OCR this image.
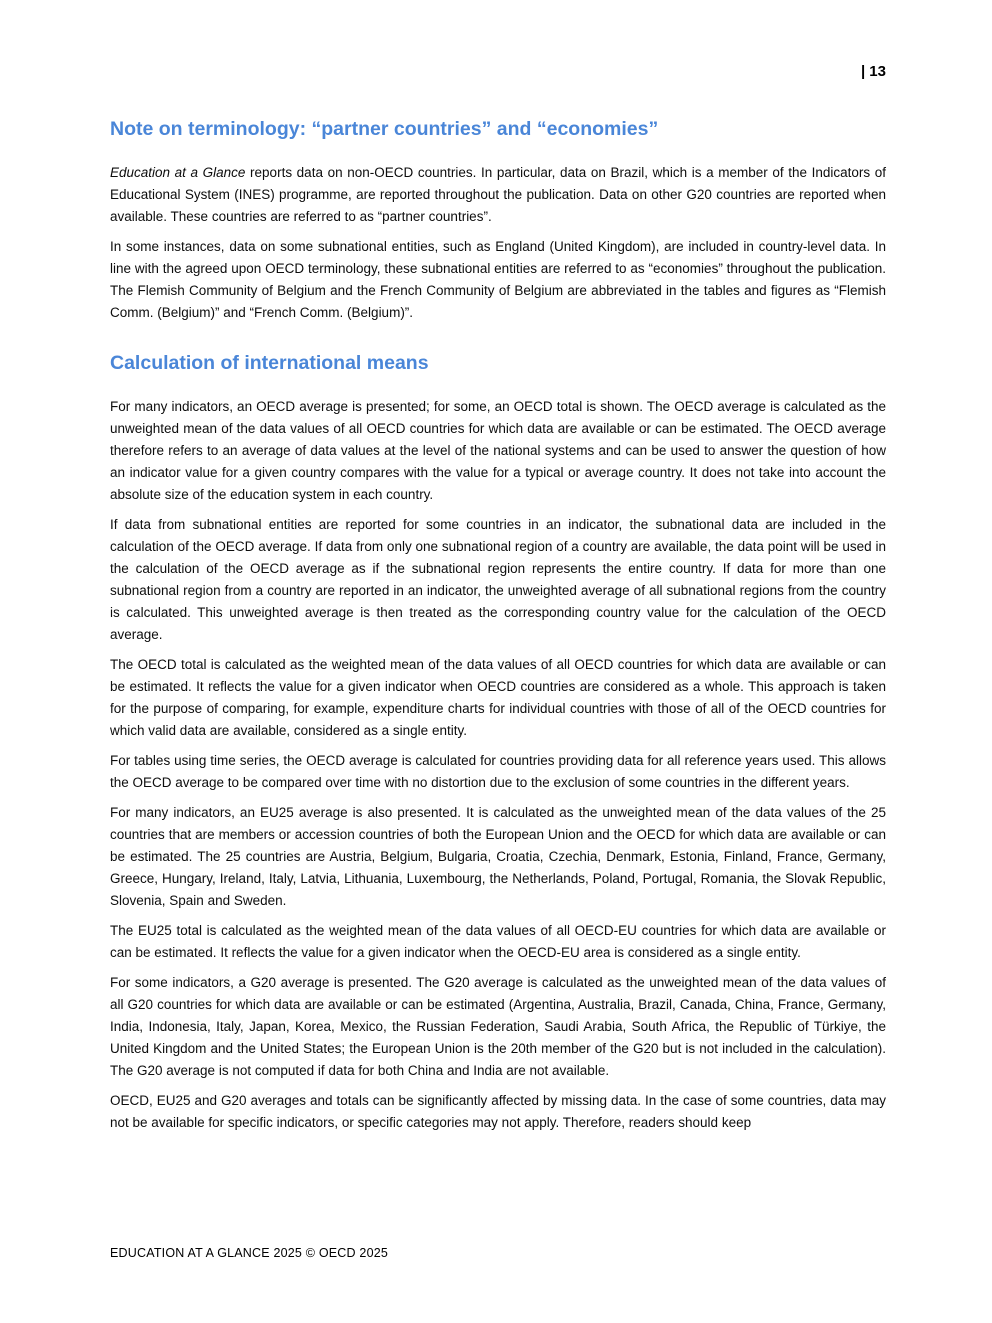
| 13
Note on terminology: “partner countries” and “economies”

Education at a Glance reports data on non-OECD countries. In particular, data on Brazil, which is a member of the Indicators of Educational System (INES) programme, are reported throughout the publication. Data on other G20 countries are reported when available. These countries are referred to as “partner countries”.

In some instances, data on some subnational entities, such as England (United Kingdom), are included in country-level data. In line with the agreed upon OECD terminology, these subnational entities are referred to as “economies” throughout the publication. The Flemish Community of Belgium and the French Community of Belgium are abbreviated in the tables and figures as “Flemish Comm. (Belgium)” and “French Comm. (Belgium)”.

Calculation of international means

For many indicators, an OECD average is presented; for some, an OECD total is shown. The OECD average is calculated as the unweighted mean of the data values of all OECD countries for which data are available or can be estimated. The OECD average therefore refers to an average of data values at the level of the national systems and can be used to answer the question of how an indicator value for a given country compares with the value for a typical or average country. It does not take into account the absolute size of the education system in each country.

If data from subnational entities are reported for some countries in an indicator, the subnational data are included in the calculation of the OECD average. If data from only one subnational region of a country are available, the data point will be used in the calculation of the OECD average as if the subnational region represents the entire country. If data for more than one subnational region from a country are reported in an indicator, the unweighted average of all subnational regions from the country is calculated. This unweighted average is then treated as the corresponding country value for the calculation of the OECD average.

The OECD total is calculated as the weighted mean of the data values of all OECD countries for which data are available or can be estimated. It reflects the value for a given indicator when OECD countries are considered as a whole. This approach is taken for the purpose of comparing, for example, expenditure charts for individual countries with those of all of the OECD countries for which valid data are available, considered as a single entity.

For tables using time series, the OECD average is calculated for countries providing data for all reference years used. This allows the OECD average to be compared over time with no distortion due to the exclusion of some countries in the different years.

For many indicators, an EU25 average is also presented. It is calculated as the unweighted mean of the data values of the 25 countries that are members or accession countries of both the European Union and the OECD for which data are available or can be estimated. The 25 countries are Austria, Belgium, Bulgaria, Croatia, Czechia, Denmark, Estonia, Finland, France, Germany, Greece, Hungary, Ireland, Italy, Latvia, Lithuania, Luxembourg, the Netherlands, Poland, Portugal, Romania, the Slovak Republic, Slovenia, Spain and Sweden.

The EU25 total is calculated as the weighted mean of the data values of all OECD-EU countries for which data are available or can be estimated. It reflects the value for a given indicator when the OECD-EU area is considered as a single entity.

For some indicators, a G20 average is presented. The G20 average is calculated as the unweighted mean of the data values of all G20 countries for which data are available or can be estimated (Argentina, Australia, Brazil, Canada, China, France, Germany, India, Indonesia, Italy, Japan, Korea, Mexico, the Russian Federation, Saudi Arabia, South Africa, the Republic of Türkiye, the United Kingdom and the United States; the European Union is the 20th member of the G20 but is not included in the calculation). The G20 average is not computed if data for both China and India are not available.

OECD, EU25 and G20 averages and totals can be significantly affected by missing data. In the case of some countries, data may not be available for specific indicators, or specific categories may not apply. Therefore, readers should keep

EDUCATION AT A GLANCE 2025 © OECD 2025
